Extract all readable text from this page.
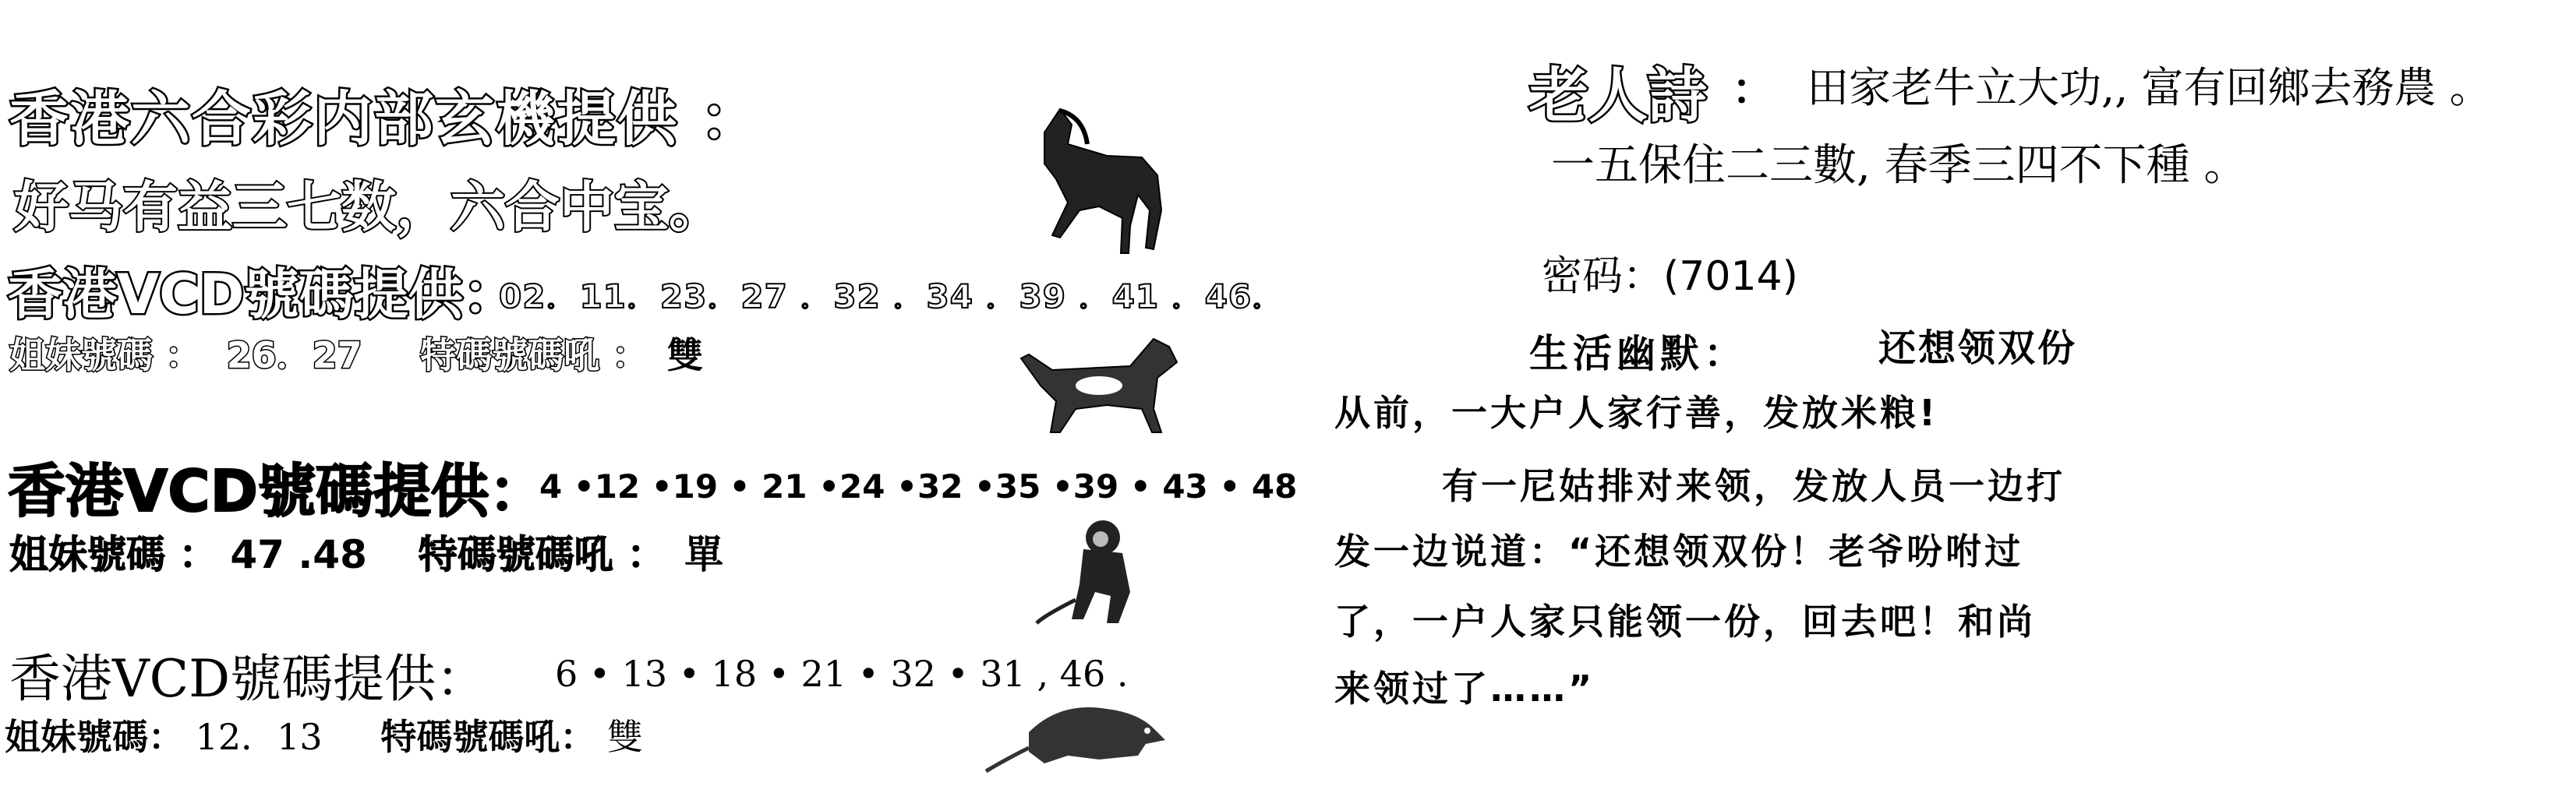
香港六合彩内部玄機提供 ：
好马有益三七数，六合中宝。
香港VCD號碼提供：
02．11．23．27 ．32 ．34 ．39 ．41 ．46．
姐妹號碼 ： 26．27 特碼號碼吼 ： 雙
香港VCD號碼提供：
4 •12 •19 • 21 •24 •32 •35 •39 • 43 • 48
姐妹號碼 ： 47 .48 特碼號碼吼 ： 單
香港VCD號碼提供： 6 • 13 • 18 • 21 • 32 • 31 , 46 .
姐妹號碼： 12．13 特碼號碼吼： 雙
老人詩 ： 田家老牛立大功,, 富有回鄉去務農 。
一五保住二三數, 春季三四不下種 。
密码：(7014)
生活幽默：	还想领双份
从前，一大户人家行善，发放米粮!
有一尼姑排对来领，发放人员一边打
发一边说道：“还想领双份！老爷吩咐过
了，一户人家只能领一份，回去吧！和尚
来领过了……”
